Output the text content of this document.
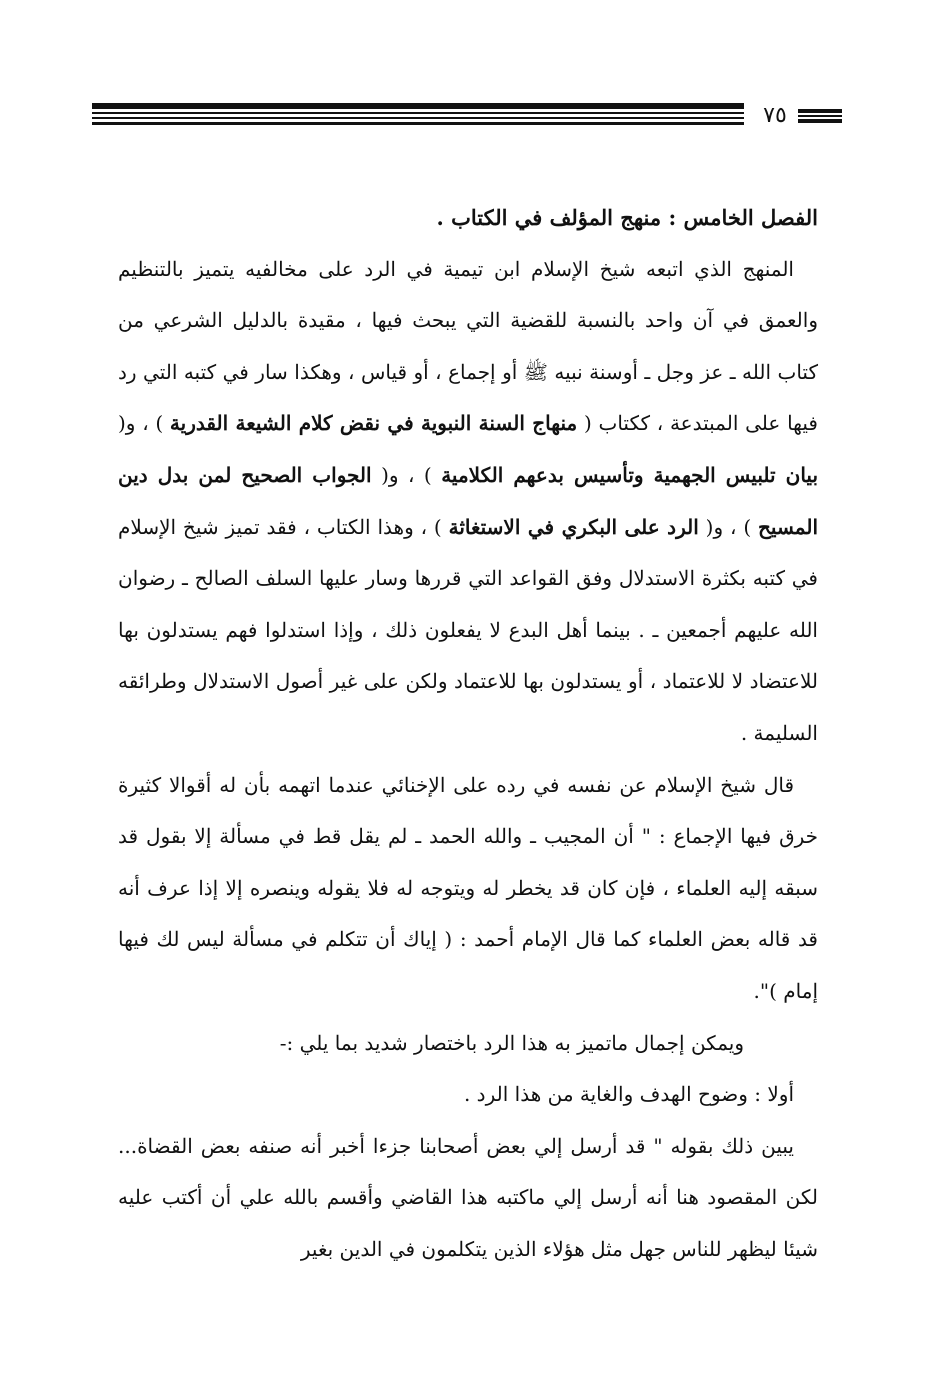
٧٥

الفصل الخامس : منهج المؤلف في الكتاب .

المنهج الذي اتبعه شيخ الإسلام ابن تيمية في الرد على مخالفيه يتميز بالتنظيم والعمق في آن واحد بالنسبة للقضية التي يبحث فيها ، مقيدة بالدليل الشرعي من كتاب الله ـ عز وجل ـ أوسنة نبيه ﷺ أو إجماع ، أو قياس ، وهكذا سار في كتبه التي رد فيها على المبتدعة ، ككتاب ( منهاج السنة النبوية في نقض كلام الشيعة القدرية ) ، و( بيان تلبيس الجهمية وتأسيس بدعهم الكلامية ) ، و( الجواب الصحيح لمن بدل دين المسيح ) ، و( الرد على البكري في الاستغاثة ) ، وهذا الكتاب ، فقد تميز شيخ الإسلام في كتبه بكثرة الاستدلال وفق القواعد التي قررها وسار عليها السلف الصالح ـ رضوان الله عليهم أجمعين ـ . بينما أهل البدع لا يفعلون ذلك ، وإذا استدلوا فهم يستدلون بها للاعتضاد لا للاعتماد ، أو يستدلون بها للاعتماد ولكن على غير أصول الاستدلال وطرائقه السليمة .

قال شيخ الإسلام عن نفسه في رده على الإخنائي عندما اتهمه بأن له أقوالا كثيرة خرق فيها الإجماع : " أن المجيب ـ والله الحمد ـ لم يقل قط في مسألة إلا بقول قد سبقه إليه العلماء ، فإن كان قد يخطر له ويتوجه له فلا يقوله وينصره إلا إذا عرف أنه قد قاله بعض العلماء كما قال الإمام أحمد : ( إياك أن تتكلم في مسألة ليس لك فيها إمام )".

ويمكن إجمال ماتميز به هذا الرد باختصار شديد بما يلي :-

أولا : وضوح الهدف والغاية من هذا الرد .

يبين ذلك بقوله " قد أرسل إلي بعض أصحابنا جزءا أخبر أنه صنفه بعض القضاة... لكن المقصود هنا أنه أرسل إلي ماكتبه هذا القاضي وأقسم بالله علي أن أكتب عليه شيئا ليظهر للناس جهل مثل هؤلاء الذين يتكلمون في الدين بغير
